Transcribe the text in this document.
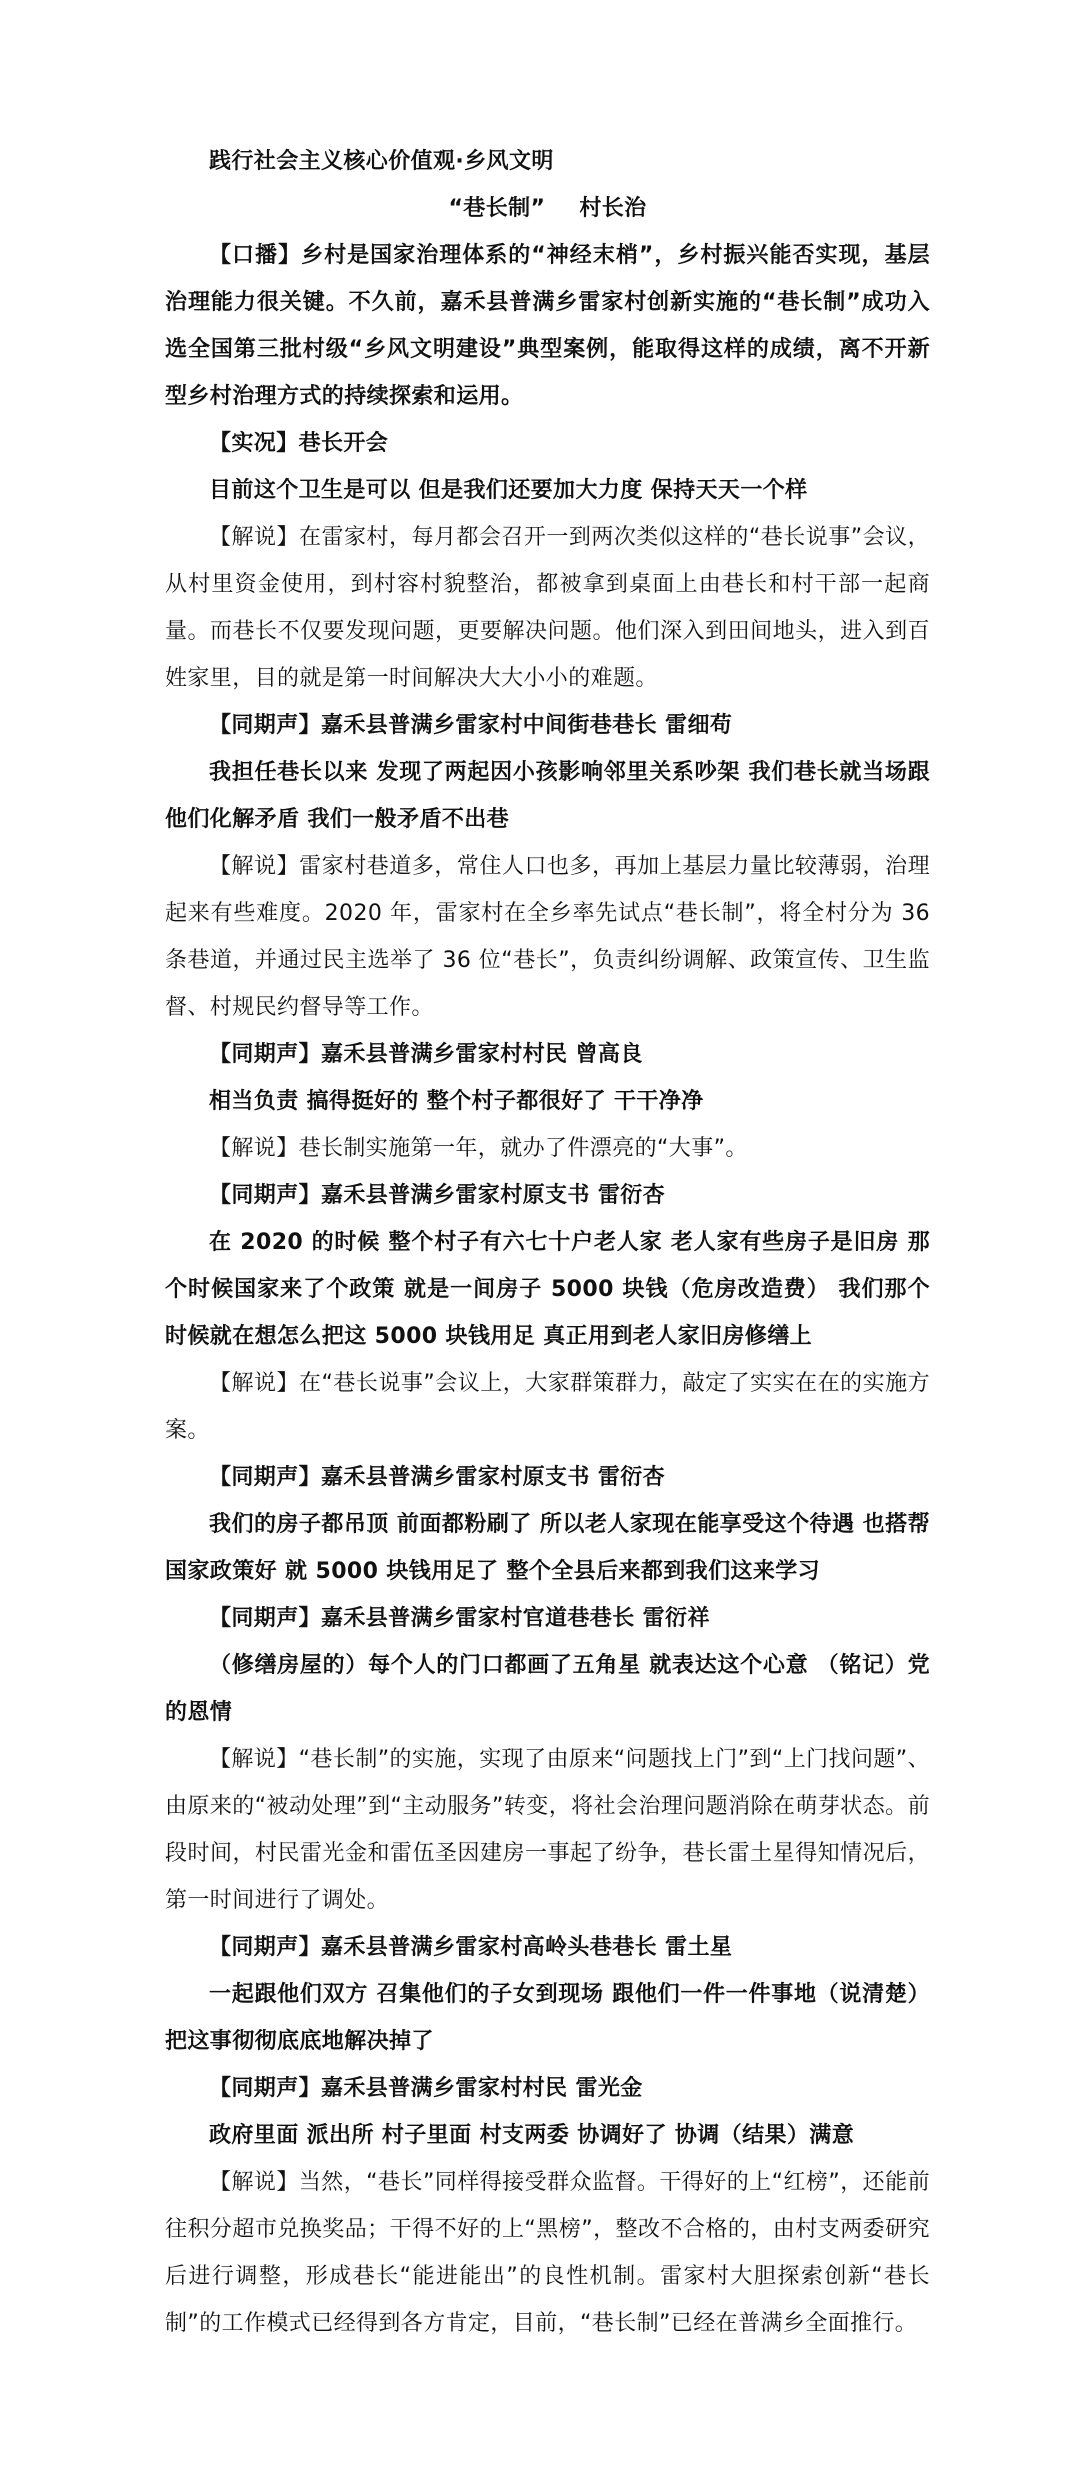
践行社会主义核心价值观·乡风文明

“巷长制” 村长治

【口播】乡村是国家治理体系的“神经末梢”，乡村振兴能否实现，基层治理能力很关键。不久前，嘉禾县普满乡雷家村创新实施的“巷长制”成功入选全国第三批村级“乡风文明建设”典型案例，能取得这样的成绩，离不开新型乡村治理方式的持续探索和运用。

【实况】巷长开会

目前这个卫生是可以 但是我们还要加大力度 保持天天一个样

【解说】在雷家村，每月都会召开一到两次类似这样的“巷长说事”会议，从村里资金使用，到村容村貌整治，都被拿到桌面上由巷长和村干部一起商量。而巷长不仅要发现问题，更要解决问题。他们深入到田间地头，进入到百姓家里，目的就是第一时间解决大大小小的难题。

【同期声】嘉禾县普满乡雷家村中间街巷巷长 雷细苟

我担任巷长以来 发现了两起因小孩影响邻里关系吵架 我们巷长就当场跟他们化解矛盾 我们一般矛盾不出巷

【解说】雷家村巷道多，常住人口也多，再加上基层力量比较薄弱，治理起来有些难度。2020 年，雷家村在全乡率先试点“巷长制”，将全村分为 36 条巷道，并通过民主选举了 36 位“巷长”，负责纠纷调解、政策宣传、卫生监督、村规民约督导等工作。

【同期声】嘉禾县普满乡雷家村村民 曾高良

相当负责 搞得挺好的 整个村子都很好了 干干净净

【解说】巷长制实施第一年，就办了件漂亮的“大事”。

【同期声】嘉禾县普满乡雷家村原支书 雷衍杏

在 2020 的时候 整个村子有六七十户老人家 老人家有些房子是旧房 那个时候国家来了个政策 就是一间房子 5000 块钱（危房改造费） 我们那个时候就在想怎么把这 5000 块钱用足 真正用到老人家旧房修缮上

【解说】在“巷长说事”会议上，大家群策群力，敲定了实实在在的实施方案。

【同期声】嘉禾县普满乡雷家村原支书 雷衍杏

我们的房子都吊顶 前面都粉刷了 所以老人家现在能享受这个待遇 也搭帮国家政策好 就 5000 块钱用足了 整个全县后来都到我们这来学习

【同期声】嘉禾县普满乡雷家村官道巷巷长 雷衍祥

（修缮房屋的）每个人的门口都画了五角星 就表达这个心意 （铭记）党的恩情

【解说】“巷长制”的实施，实现了由原来“问题找上门”到“上门找问题”、由原来的“被动处理”到“主动服务”转变，将社会治理问题消除在萌芽状态。前段时间，村民雷光金和雷伍圣因建房一事起了纷争，巷长雷土星得知情况后，第一时间进行了调处。

【同期声】嘉禾县普满乡雷家村高岭头巷巷长 雷土星

一起跟他们双方 召集他们的子女到现场 跟他们一件一件事地（说清楚）把这事彻彻底底地解决掉了

【同期声】嘉禾县普满乡雷家村村民 雷光金

政府里面 派出所 村子里面 村支两委 协调好了 协调（结果）满意

【解说】当然，“巷长”同样得接受群众监督。干得好的上“红榜”，还能前往积分超市兑换奖品；干得不好的上“黑榜”，整改不合格的，由村支两委研究后进行调整，形成巷长“能进能出”的良性机制。雷家村大胆探索创新“巷长制”的工作模式已经得到各方肯定，目前，“巷长制”已经在普满乡全面推行。
